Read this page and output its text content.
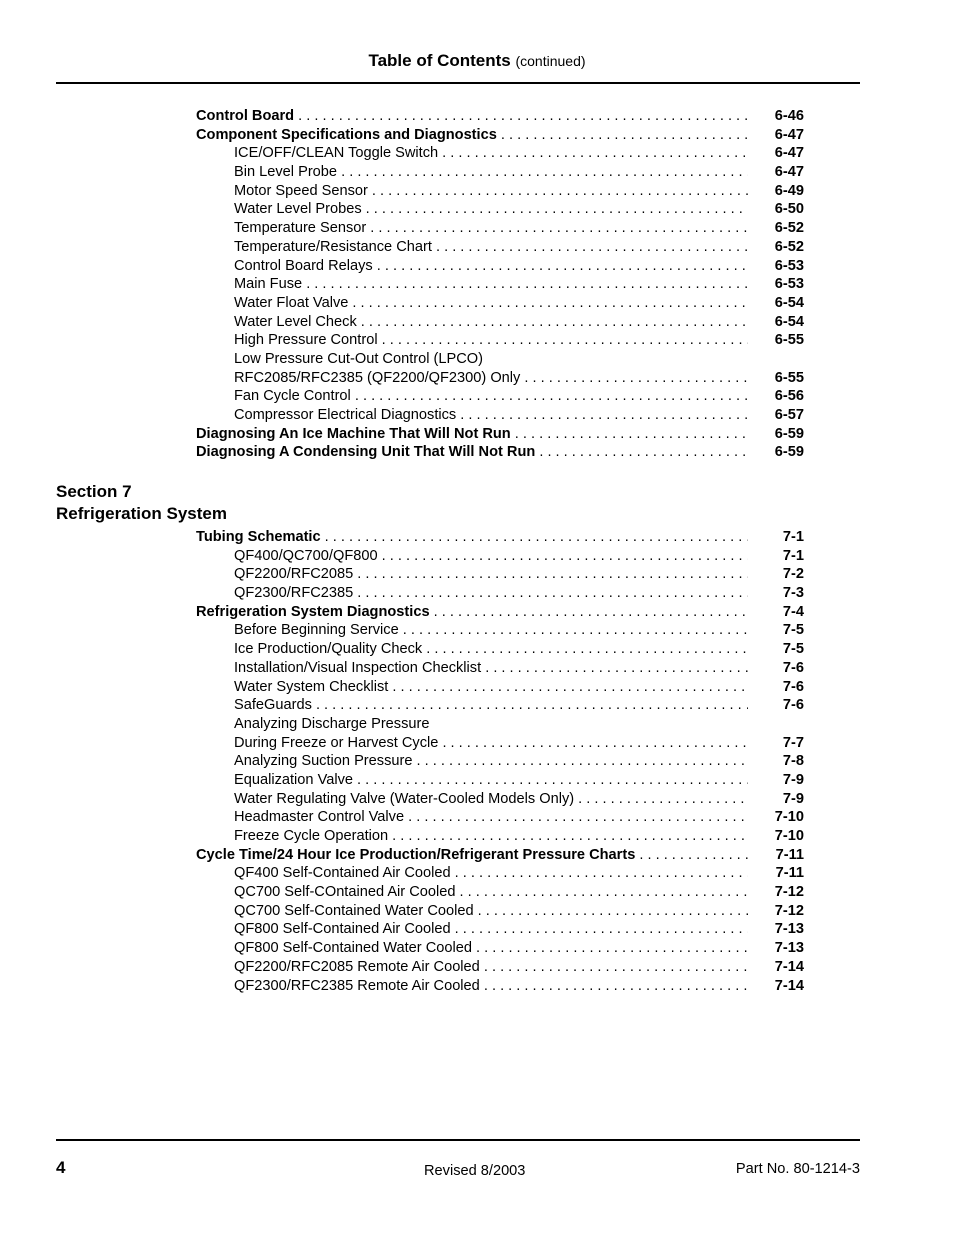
Table of Contents (continued)
Control Board . . .	6-46
Component Specifications and Diagnostics . . .	6-47
ICE/OFF/CLEAN Toggle Switch . . .	6-47
Bin Level Probe . . .	6-47
Motor Speed Sensor . . .	6-49
Water Level Probes . . .	6-50
Temperature Sensor . . .	6-52
Temperature/Resistance Chart . . .	6-52
Control Board Relays . . .	6-53
Main Fuse . . .	6-53
Water Float Valve . . .	6-54
Water Level Check . . .	6-54
High Pressure Control . . .	6-55
Low Pressure Cut-Out Control (LPCO)
RFC2085/RFC2385 (QF2200/QF2300) Only . . .	6-55
Fan Cycle Control . . .	6-56
Compressor Electrical Diagnostics . . .	6-57
Diagnosing An Ice Machine That Will Not Run . . .	6-59
Diagnosing A Condensing Unit That Will Not Run . . .	6-59
Section 7
Refrigeration System
Tubing Schematic . . .	7-1
QF400/QC700/QF800 . . .	7-1
QF2200/RFC2085 . . .	7-2
QF2300/RFC2385 . . .	7-3
Refrigeration System Diagnostics . . .	7-4
Before Beginning Service . . .	7-5
Ice Production/Quality Check . . .	7-5
Installation/Visual Inspection Checklist . . .	7-6
Water System Checklist . . .	7-6
SafeGuards . . .	7-6
Analyzing Discharge Pressure
During Freeze or Harvest Cycle . . .	7-7
Analyzing Suction Pressure . . .	7-8
Equalization Valve . . .	7-9
Water Regulating Valve (Water-Cooled Models Only) . . .	7-9
Headmaster Control Valve . . .	7-10
Freeze Cycle Operation . . .	7-10
Cycle Time/24 Hour Ice Production/Refrigerant Pressure Charts . . .	7-11
QF400 Self-Contained Air Cooled . . .	7-11
QC700 Self-COntained Air Cooled . . .	7-12
QC700 Self-Contained Water Cooled . . .	7-12
QF800 Self-Contained Air Cooled . . .	7-13
QF800 Self-Contained Water Cooled . . .	7-13
QF2200/RFC2085 Remote Air Cooled . . .	7-14
QF2300/RFC2385 Remote Air Cooled . . .	7-14
4	Revised 8/2003	Part No. 80-1214-3
